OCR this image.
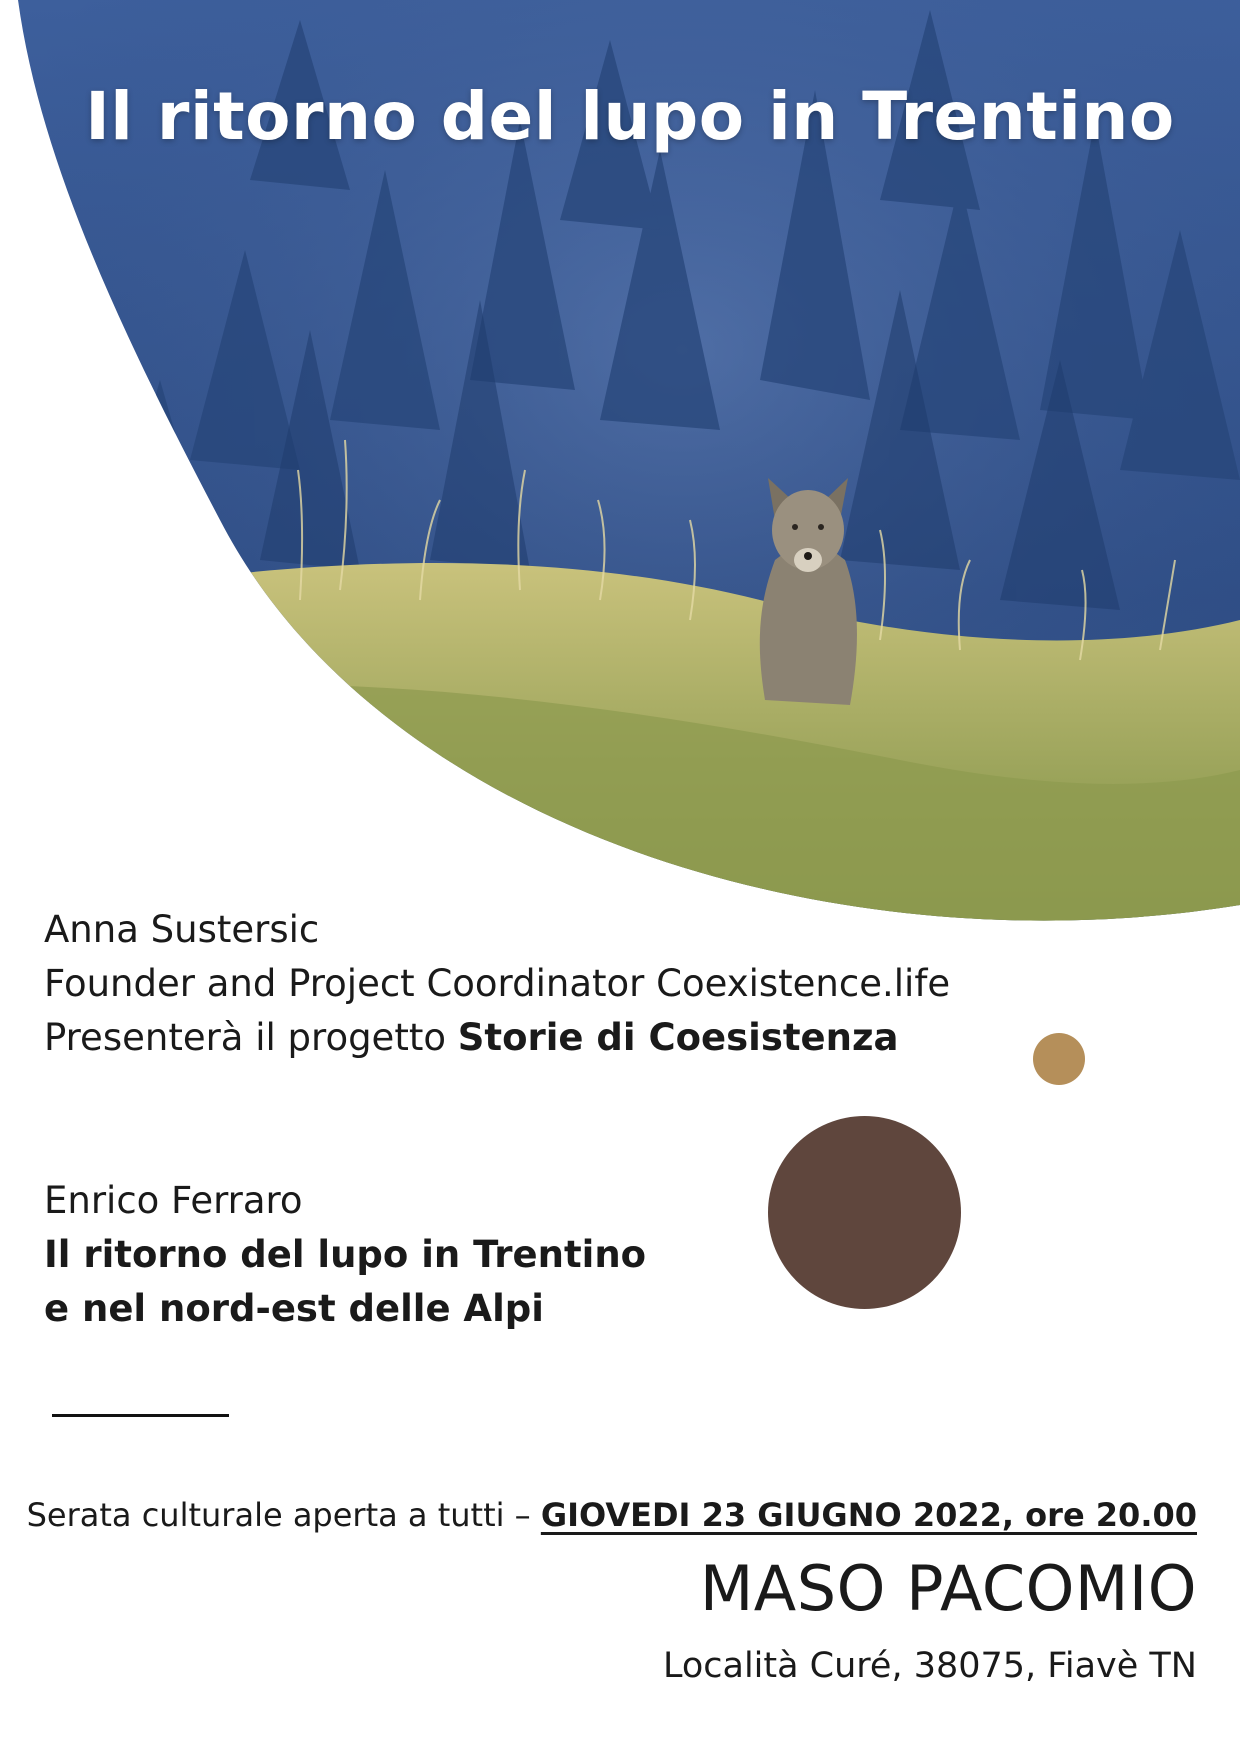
Il ritorno del lupo in Trentino
Anna Sustersic
Founder and Project Coordinator Coexistence.life
Presenterà il progetto Storie di Coesistenza
Enrico Ferraro
Il ritorno del lupo in Trentino
e nel nord-est delle Alpi
Serata culturale aperta a tutti – GIOVEDI 23 GIUGNO 2022, ore 20.00
MASO PACOMIO
Località Curé, 38075, Fiavè TN
